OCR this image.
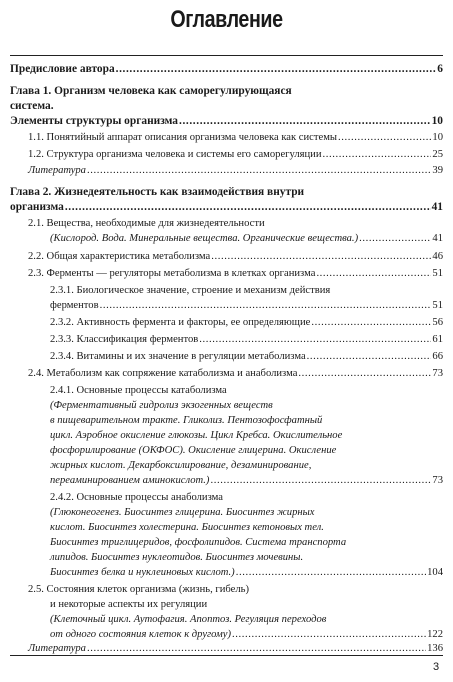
Оглавление
Предисловие автора .....	6
Глава 1. Организм человека как саморегулирующаяся
система.
Элементы структуры организма .....	10
1.1. Понятийный аппарат описания организма человека как системы .....	10
1.2. Структура организма человека и системы его саморегуляции .....	25
Литература .....	39
Глава 2. Жизнедеятельность как взаимодействия внутри
организма .....	41
2.1. Вещества, необходимые для жизнедеятельности
(Кислород. Вода. Минеральные вещества. Органические вещества.) .....	41
2.2. Общая характеристика метаболизма .....	46
2.3. Ферменты — регуляторы метаболизма в клетках организма .....	51
2.3.1. Биологическое значение, строение и механизм действия
ферментов .....	51
2.3.2. Активность фермента и факторы, ее определяющие .....	56
2.3.3. Классификация ферментов .....	61
2.3.4. Витамины и их значение в регуляции метаболизма .....	66
2.4. Метаболизм как сопряжение катаболизма и анаболизма .....	73
2.4.1. Основные процессы катаболизма
(Ферментативный гидролиз экзогенных веществ
в пищеварительном тракте. Гликолиз. Пентозофосфатный
цикл. Аэробное окисление глюкозы. Цикл Кребса. Окислительное
фосфорилирование (ОКФОС). Окисление глицерина. Окисление
жирных кислот. Декарбоксилирование, дезаминирование,
переаминированием аминокислот.) .....	73
2.4.2. Основные процессы анаболизма
(Глюконеогенез. Биосинтез глицерина. Биосинтез жирных
кислот. Биосинтез холестерина. Биосинтез кетоновых тел.
Биосинтез триглицеридов, фосфолипидов. Система транспорта
липидов. Биосинтез нуклеотидов. Биосинтез мочевины.
Биосинтез белка и нуклеиновых кислот.) .....	104
2.5. Состояния клеток организма (жизнь, гибель)
и некоторые аспекты их регуляции
(Клеточный цикл. Аутофагия. Апоптоз. Регуляция переходов
от одного состояния клеток к другому) .....	122
Литература .....	136
3
